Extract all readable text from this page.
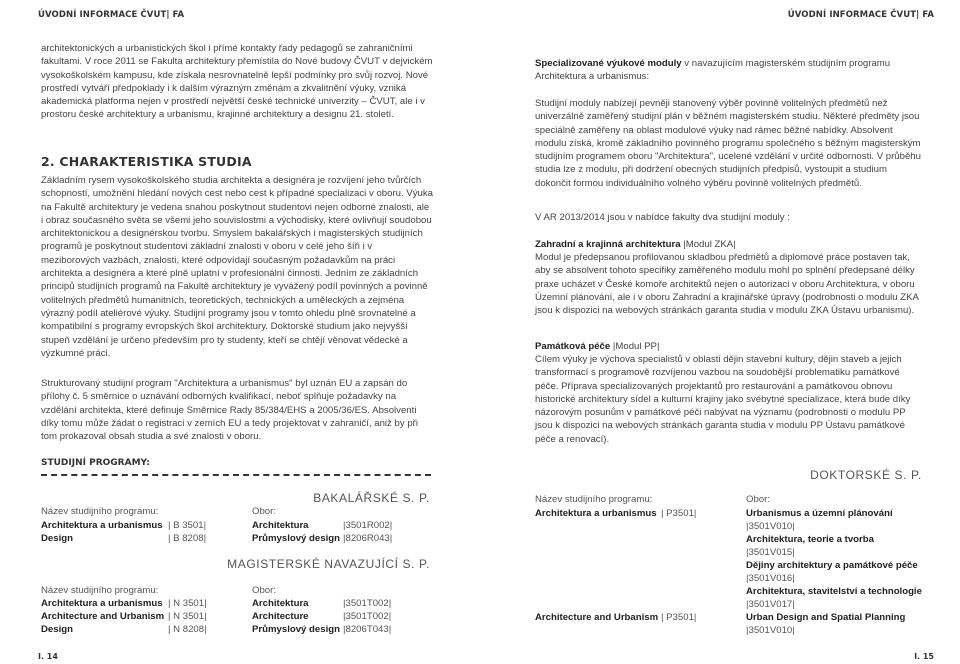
ÚVODNÍ INFORMACE ČVUT| FA	ÚVODNÍ INFORMACE ČVUT| FA

architektonických a urbanistických škol i přímé kontakty řady pedagogů se zahraničními fakultami. V roce 2011 se Fakulta architektury přemístila do Nové budovy ČVUT v dejvickém vysokoškolském kampusu, kde získala nesrovnatelně lepší podmínky pro svůj rozvoj. Nové prostředí vytváří předpoklady i k dalším výrazným změnám a zkvalitnění výuky, vzniká akademická platforma nejen v prostředí největší české technické univerzity – ČVUT, ale i v prostoru české architektury a urbanismu, krajinné architektury a designu 21. století.

2. CHARAKTERISTIKA STUDIA

Základním rysem vysokoškolského studia architekta a designéra je rozvíjení jeho tvůrčích schopností, umožnění hledání nových cest nebo cest k případné specializaci v oboru. Výuka na Fakultě architektury je vedena snahou poskytnout studentovi nejen odborné znalosti, ale i obraz současného světa se všemi jeho souvislostmi a východisky, které ovlivňují soudobou architektonickou a designérskou tvorbu. Smyslem bakalářských i magisterských studijních programů je poskytnout studentovi základní znalosti v oboru v celé jeho šíři i v meziborových vazbách, znalosti, které odpovídají současným požadavkům na práci architekta a designéra a které plně uplatní v profesionální činnosti. Jedním ze základních principů studijních programů na Fakultě architektury je vyvážený podíl povinných a povinně volitelných předmětů humanitních, teoretických, technických a uměleckých a zejména výrazný podíl ateliérové výuky. Studijní programy jsou v tomto ohledu plně srovnatelné a kompatibilní s programy evropských škol architektury. Doktorské studium jako nejvyšší stupeň vzdělání je určeno především pro ty studenty, kteří se chtějí věnovat vědecké a výzkumné práci.

Strukturovaný studijní program "Architektura a urbanismus" byl uznán EU a zapsán do přílohy č. 5 směrnice o uznávání odborných kvalifikací, neboť splňuje požadavky na vzdělání architekta, které definuje Směrnice Rady 85/384/EHS a 2005/36/ES. Absolventi díky tomu může žádat o registraci v zemích EU a tedy projektovat v zahraničí, aniž by při tom prokazoval obsah studia a své znalosti v oboru.

STUDIJNÍ PROGRAMY:
BAKALÁŘSKÉ S. P.
Název studijního programu:	Obor:
Architektura a urbanismus | B 3501|	Architektura	|3501R002|
Design	| B 8208|	Průmyslový design |8206R043|
MAGISTERSKÉ NAVAZUJÍCÍ S. P.
Název studijního programu:	Obor:
Architektura a urbanismus | N 3501|	Architektura	|3501T002|
Architecture and Urbanism | N 3501|	Architecture	|3501T002|
Design	| N 8208|	Průmyslový design |8206T043|
I. 14

Specializované výukové moduly v navazujícím magisterském studijním programu Architektura a urbanismus:

Studijní moduly nabízejí pevněji stanovený výběr povinně volitelných předmětů než univerzálně zaměřený studijní plán v běžném magisterském studiu. Některé předměty jsou speciálně zaměřeny na oblast modulové výuky nad rámec běžné nabídky. Absolvent modulu získá, kromě základního povinného programu společného s běžným magisterským studijním programem oboru "Architektura", ucelené vzdělání v určité odbornosti. V průběhu studia lze z modulu, při dodržení obecných studijních předpisů, vystoupit a studium dokončit formou individuálního volného výběru povinně volitelných předmětů.

V AR 2013/2014 jsou v nabídce fakulty dva studijní moduly :

Zahradní a krajinná architektura |Modul ZKA|

Modul je předepsanou profilovanou skladbou předmětů a diplomové práce postaven tak, aby se absolvent tohoto specifiky zaměřeného modulu mohl po splnění předepsané délky praxe ucházet v České komoře architektů nejen o autorizaci v oboru Architektura, v oboru Územní plánování, ale i v oboru Zahradní a krajinářské úpravy (podrobnosti o modulu ZKA jsou k dispozici na webových stránkách garanta studia v modulu ZKA Ústavu urbanismu).

Památková péče |Modul PP|

Cílem výuky je výchova specialistů v oblasti dějin stavební kultury, dějin staveb a jejich transformací s programově rozvíjenou vazbou na soudobější problematiku památkové péče. Příprava specializovaných projektantů pro restaurování a památkovou obnovu historické architektury sídel a kulturní krajiny jako svébytné specializace, která bude díky názorovým posunům v památkové péči nabývat na významu (podrobnosti o modulu PP jsou k dispozici na webových stránkách garanta studia v modulu PP Ústavu památkové péče a renovací).

DOKTORSKÉ S. P.
Název studijního programu:	Obor:
Architektura a urbanismus | P3501|	Urbanismus a územní plánování
|3501V010|
Architektura, teorie a tvorba
|3501V015|
Dějiny architektury a památkové péče
|3501V016|
Architektura, stavitelství a technologie
|3501V017|
Architecture and Urbanism | P3501|	Urban Design and Spatial Planning
|3501V010|
I. 15
